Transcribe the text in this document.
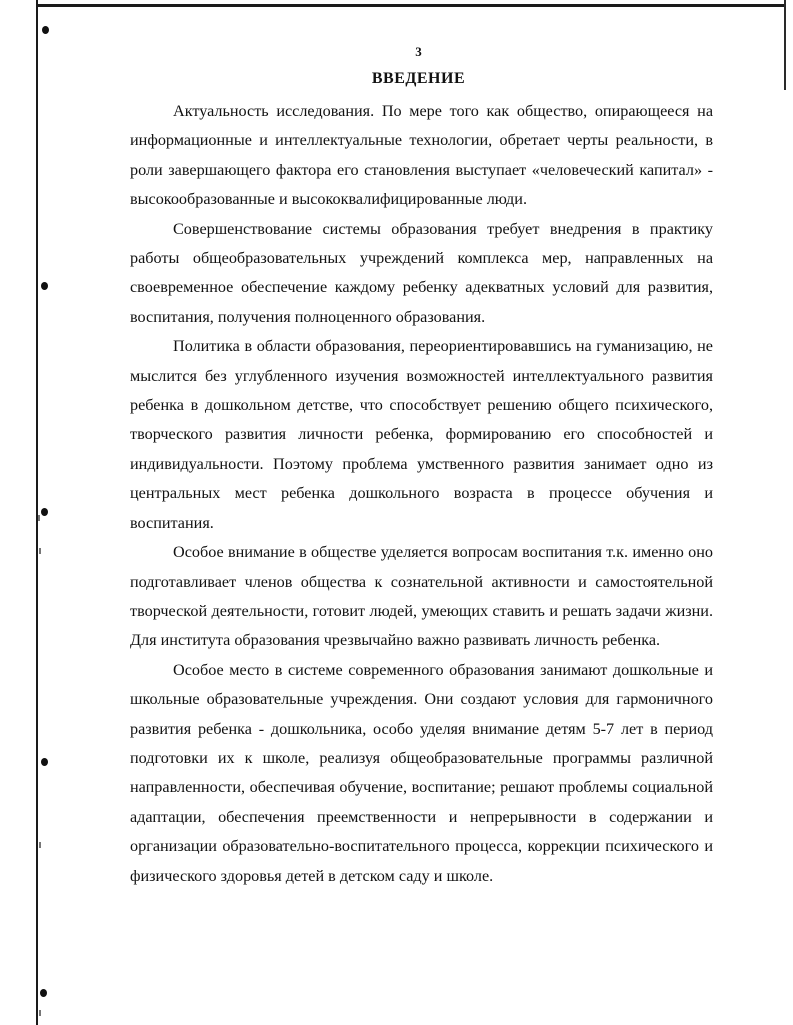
3
ВВЕДЕНИЕ

Актуальность исследования. По мере того как общество, опирающееся на информационные и интеллектуальные технологии, обретает черты реальности, в роли завершающего фактора его становления выступает «человеческий капитал» - высокообразованные и высококвалифицированные люди.

Совершенствование системы образования требует внедрения в практику работы общеобразовательных учреждений комплекса мер, направленных на своевременное обеспечение каждому ребенку адекватных условий для развития, воспитания, получения полноценного образования.

Политика в области образования, переориентировавшись на гуманизацию, не мыслится без углубленного изучения возможностей интеллектуального развития ребенка в дошкольном детстве, что способствует решению общего психического, творческого развития личности ребенка, формированию его способностей и индивидуальности. Поэтому проблема умственного развития занимает одно из центральных мест ребенка дошкольного возраста в процессе обучения и воспитания.

Особое внимание в обществе уделяется вопросам воспитания т.к. именно оно подготавливает членов общества к сознательной активности и самостоятельной творческой деятельности, готовит людей, умеющих ставить и решать задачи жизни. Для института образования чрезвычайно важно развивать личность ребенка.

Особое место в системе современного образования занимают дошкольные и школьные образовательные учреждения. Они создают условия для гармоничного развития ребенка - дошкольника, особо уделяя внимание детям 5-7 лет в период подготовки их к школе, реализуя общеобразовательные программы различной направленности, обеспечивая обучение, воспитание; решают проблемы социальной адаптации, обеспечения преемственности и непрерывности в содержании и организации образовательно-воспитательного процесса, коррекции психического и физического здоровья детей в детском саду и школе.
